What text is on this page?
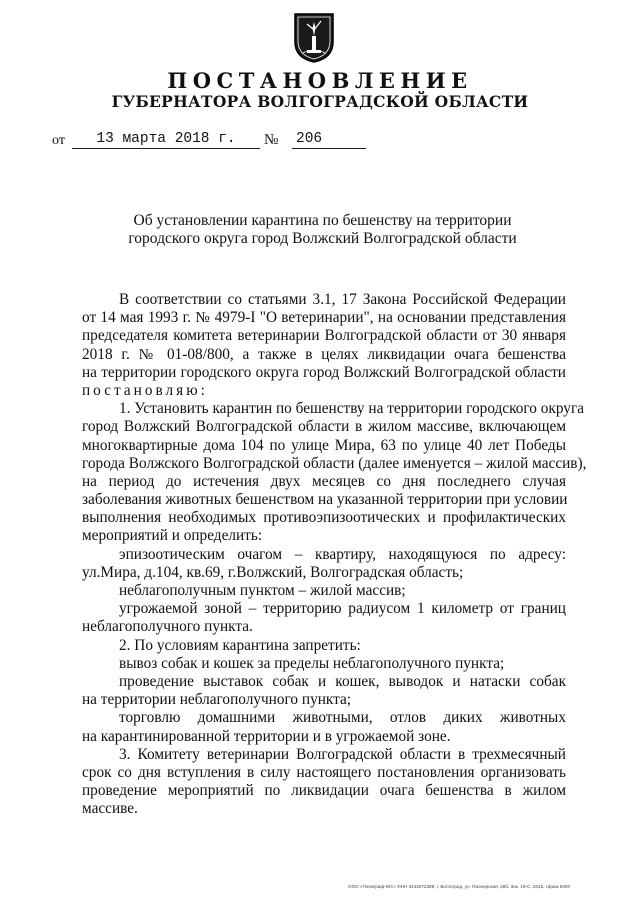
ПОСТАНОВЛЕНИЕ
ГУБЕРНАТОРА ВОЛГОГРАДСКОЙ ОБЛАСТИ
от	13 марта 2018 г.	№ 206
Об установлении карантина по бешенству на территории
городского округа город Волжский Волгоградской области
В соответствии со статьями 3.1, 17 Закона Российской Федерации
от 14 мая 1993 г. № 4979-I "О ветеринарии", на основании представления
председателя комитета ветеринарии Волгоградской области от 30 января
2018 г. № 01-08/800, а также в целях ликвидации очага бешенства
на территории городского округа город Волжский Волгоградской области
постановляю:
1. Установить карантин по бешенству на территории городского округа
город Волжский Волгоградской области в жилом массиве, включающем
многоквартирные дома 104 по улице Мира, 63 по улице 40 лет Победы
города Волжского Волгоградской области (далее именуется – жилой массив),
на период до истечения двух месяцев со дня последнего случая
заболевания животных бешенством на указанной территории при условии
выполнения необходимых противоэпизоотических и профилактических
мероприятий и определить:
эпизоотическим очагом – квартиру, находящуюся по адресу:
ул.Мира, д.104, кв.69, г.Волжский, Волгоградская область;
неблагополучным пунктом – жилой массив;
угрожаемой зоной – территорию радиусом 1 километр от границ
неблагополучного пункта.
2. По условиям карантина запретить:
вывоз собак и кошек за пределы неблагополучного пункта;
проведение выставок собак и кошек, выводок и натаски собак
на территории неблагополучного пункта;
торговлю домашними животными, отлов диких животных
на карантинированной территории и в угрожаемой зоне.
3. Комитету ветеринарии Волгоградской области в трехмесячный
срок со дня вступления в силу настоящего постановления организовать
проведение мероприятий по ликвидации очага бешенства в жилом
массиве.
ООО «Полиграф-ЮС» ИНН 3443072389, г. Волгоград, ул. Пионерская, 28б. Зак. 19-С, 2015, тираж 5000
